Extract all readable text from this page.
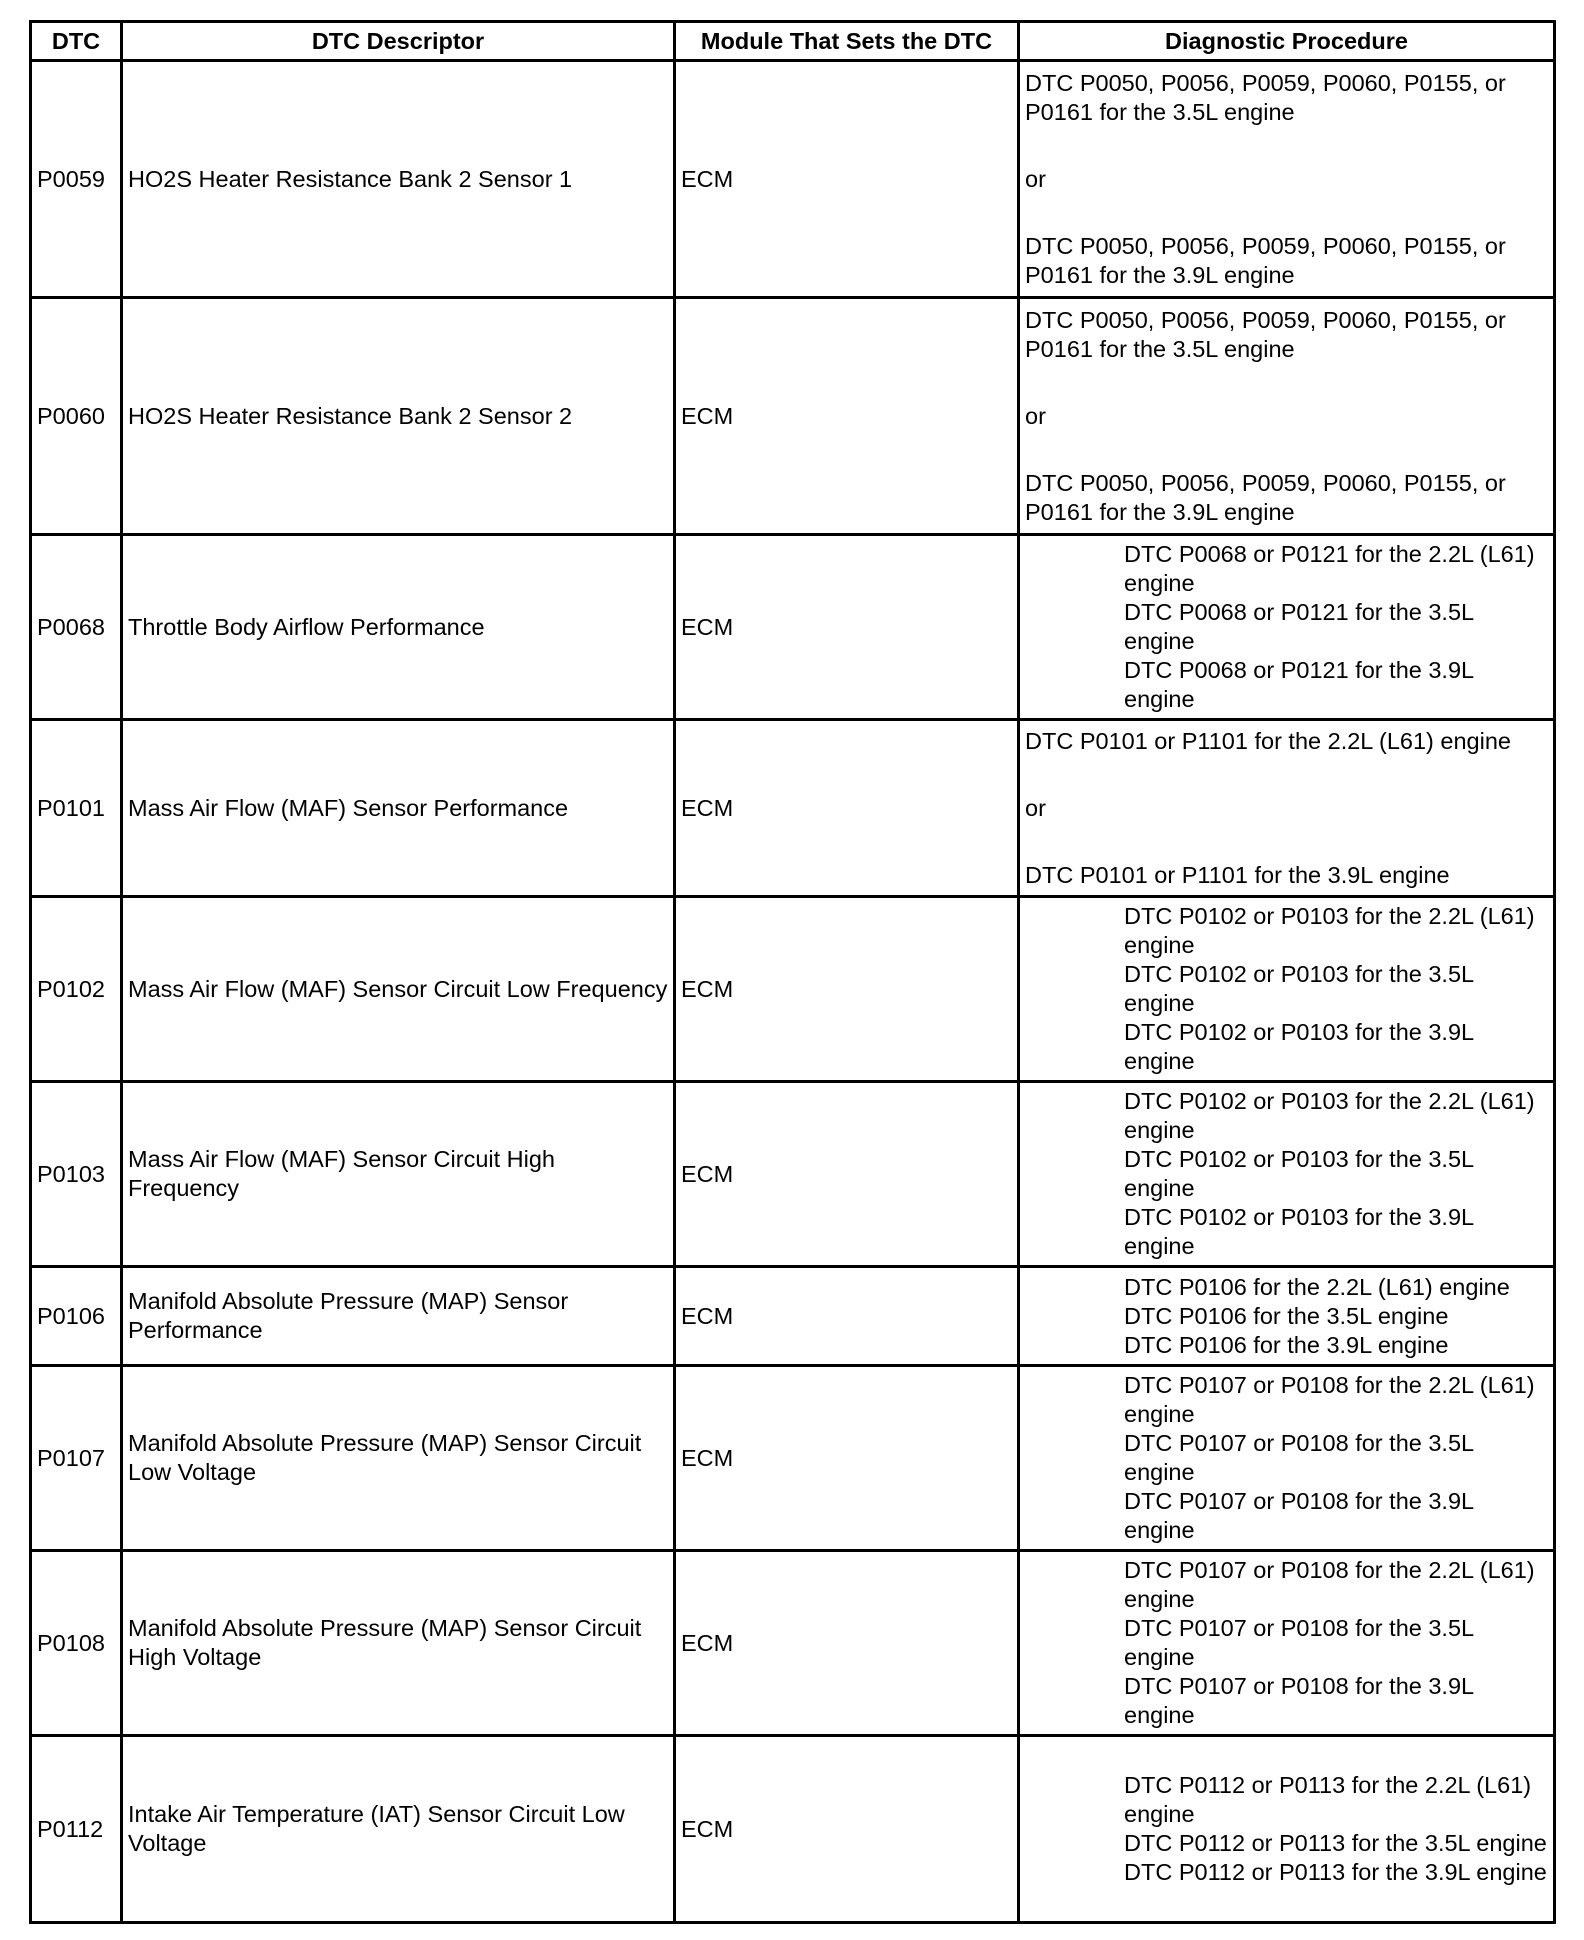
DTC	DTC Descriptor	Module That Sets the DTC	Diagnostic Procedure
P0059	HO2S Heater Resistance Bank 2 Sensor 1	ECM	DTC P0050, P0056, P0059, P0060, P0155, or P0161 for the 3.5L engine
or
DTC P0050, P0056, P0059, P0060, P0155, or P0161 for the 3.9L engine

P0060	HO2S Heater Resistance Bank 2 Sensor 2	ECM	DTC P0050, P0056, P0059, P0060, P0155, or P0161 for the 3.5L engine
or
DTC P0050, P0056, P0059, P0060, P0155, or P0161 for the 3.9L engine

P0068	Throttle Body Airflow Performance	ECM	DTC P0068 or P0121 for the 2.2L (L61) engine
DTC P0068 or P0121 for the 3.5L engine
DTC P0068 or P0121 for the 3.9L engine

P0101	Mass Air Flow (MAF) Sensor Performance	ECM	DTC P0101 or P1101 for the 2.2L (L61) engine
or
DTC P0101 or P1101 for the 3.9L engine

P0102	Mass Air Flow (MAF) Sensor Circuit Low Frequency	ECM	DTC P0102 or P0103 for the 2.2L (L61) engine
DTC P0102 or P0103 for the 3.5L engine
DTC P0102 or P0103 for the 3.9L engine

P0103	Mass Air Flow (MAF) Sensor Circuit High Frequency	ECM	DTC P0102 or P0103 for the 2.2L (L61) engine
DTC P0102 or P0103 for the 3.5L engine
DTC P0102 or P0103 for the 3.9L engine

P0106	Manifold Absolute Pressure (MAP) Sensor Performance	ECM	DTC P0106 for the 2.2L (L61) engine
DTC P0106 for the 3.5L engine
DTC P0106 for the 3.9L engine

P0107	Manifold Absolute Pressure (MAP) Sensor Circuit Low Voltage	ECM	DTC P0107 or P0108 for the 2.2L (L61) engine
DTC P0107 or P0108 for the 3.5L engine
DTC P0107 or P0108 for the 3.9L engine

P0108	Manifold Absolute Pressure (MAP) Sensor Circuit High Voltage	ECM	DTC P0107 or P0108 for the 2.2L (L61) engine
DTC P0107 or P0108 for the 3.5L engine
DTC P0107 or P0108 for the 3.9L engine

P0112	Intake Air Temperature (IAT) Sensor Circuit Low Voltage	ECM	DTC P0112 or P0113 for the 2.2L (L61) engine
DTC P0112 or P0113 for the 3.5L engine
DTC P0112 or P0113 for the 3.9L engine
